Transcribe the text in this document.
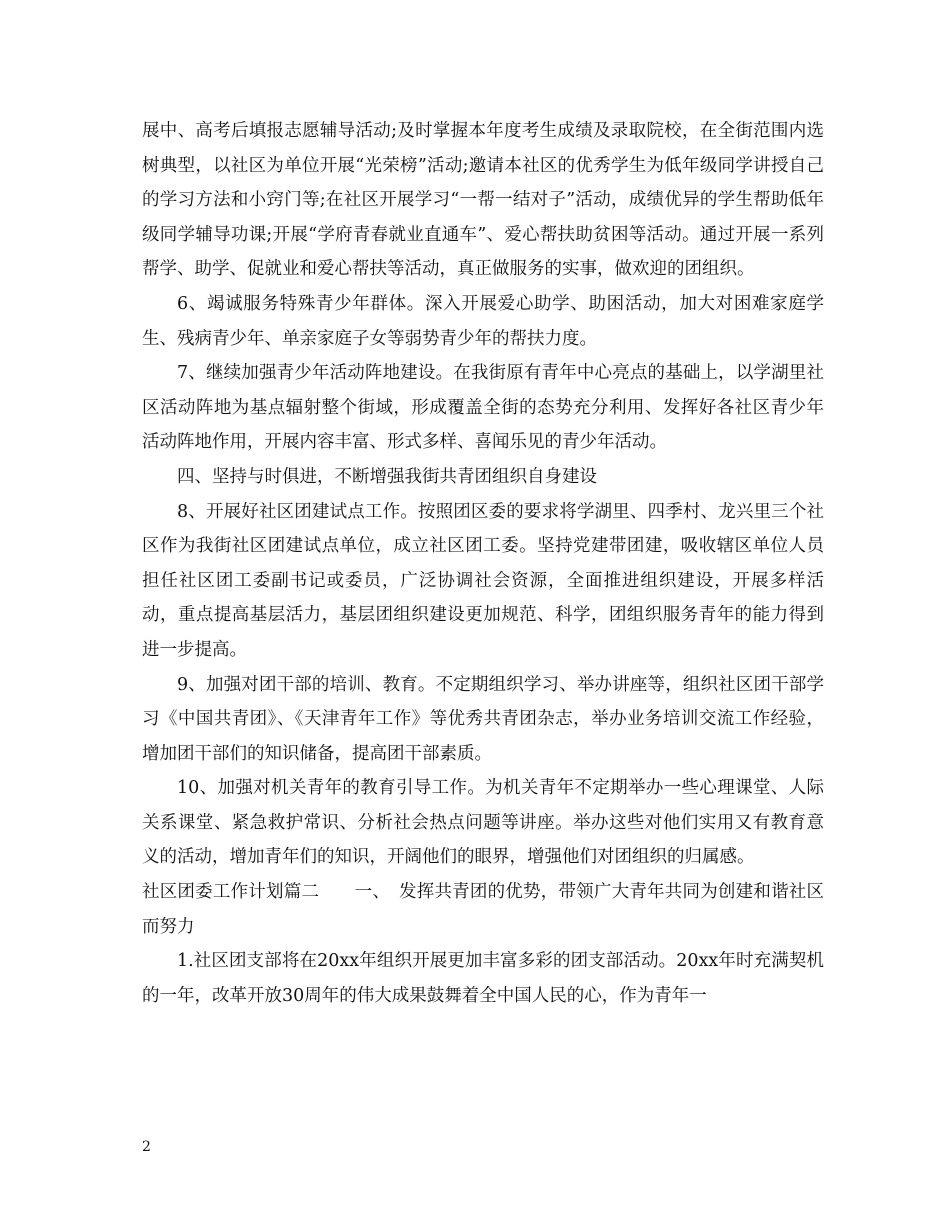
展中、高考后填报志愿辅导活动;及时掌握本年度考生成绩及录取院校，在全街范围内选树典型，以社区为单位开展“光荣榜”活动;邀请本社区的优秀学生为低年级同学讲授自己的学习方法和小窍门等;在社区开展学习“一帮一结对子”活动，成绩优异的学生帮助低年级同学辅导功课;开展“学府青春就业直通车”、爱心帮扶助贫困等活动。通过开展一系列帮学、助学、促就业和爱心帮扶等活动，真正做服务的实事，做欢迎的团组织。

6、竭诚服务特殊青少年群体。深入开展爱心助学、助困活动，加大对困难家庭学生、残病青少年、单亲家庭子女等弱势青少年的帮扶力度。

7、继续加强青少年活动阵地建设。在我街原有青年中心亮点的基础上，以学湖里社区活动阵地为基点辐射整个街域，形成覆盖全街的态势充分利用、发挥好各社区青少年活动阵地作用，开展内容丰富、形式多样、喜闻乐见的青少年活动。

四、坚持与时俱进，不断增强我街共青团组织自身建设

8、开展好社区团建试点工作。按照团区委的要求将学湖里、四季村、龙兴里三个社区作为我街社区团建试点单位，成立社区团工委。坚持党建带团建，吸收辖区单位人员担任社区团工委副书记或委员，广泛协调社会资源，全面推进组织建设，开展多样活动，重点提高基层活力，基层团组织建设更加规范、科学，团组织服务青年的能力得到进一步提高。

9、加强对团干部的培训、教育。不定期组织学习、举办讲座等，组织社区团干部学习《中国共青团》、《天津青年工作》等优秀共青团杂志，举办业务培训交流工作经验，增加团干部们的知识储备，提高团干部素质。

10、加强对机关青年的教育引导工作。为机关青年不定期举办一些心理课堂、人际关系课堂、紧急救护常识、分析社会热点问题等讲座。举办这些对他们实用又有教育意义的活动，增加青年们的知识，开阔他们的眼界，增强他们对团组织的归属感。

社区团委工作计划篇二　　一、　发挥共青团的优势，带领广大青年共同为创建和谐社区而努力

1.社区团支部将在20xx年组织开展更加丰富多彩的团支部活动。20xx年时充满契机的一年，改革开放30周年的伟大成果鼓舞着全中国人民的心，作为青年一

2
